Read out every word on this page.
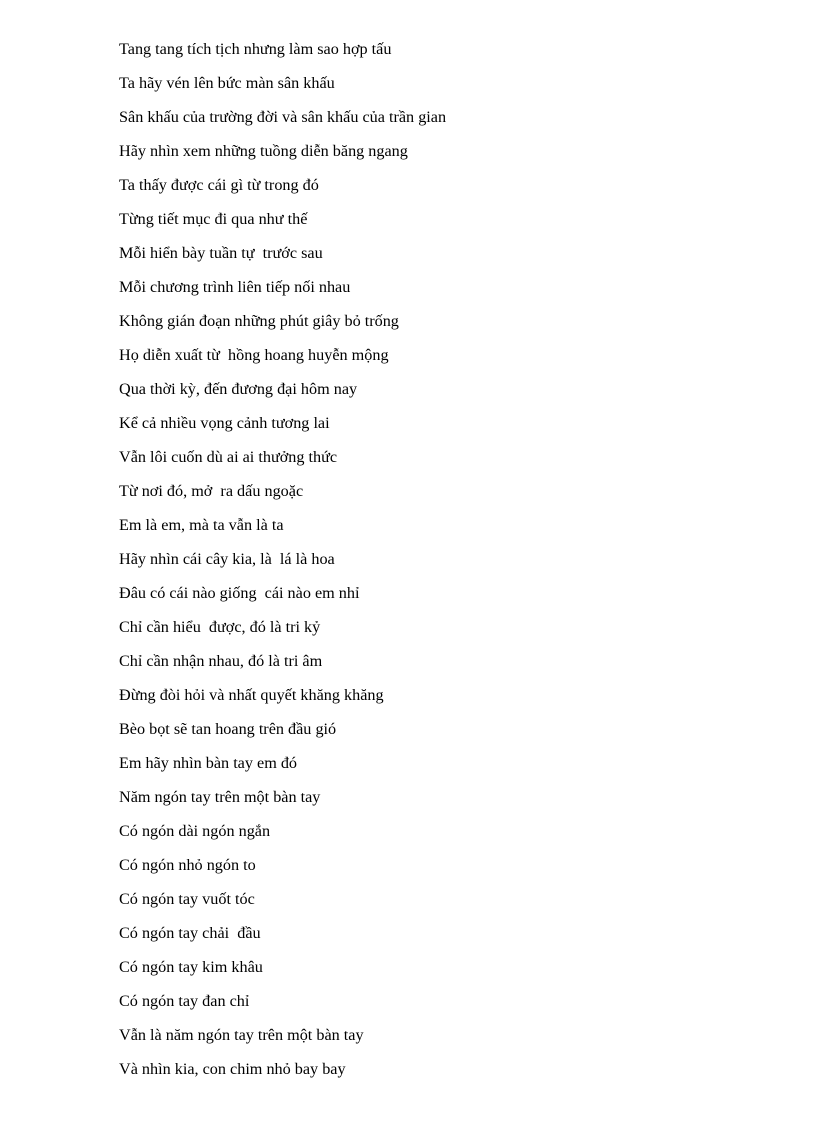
Tang tang tích tịch nhưng làm sao hợp tấu
Ta hãy vén lên bức màn sân khấu
Sân khấu của trường đời và sân khấu của trần gian
Hãy nhìn xem những tuồng diễn băng ngang
Ta thấy được cái gì từ trong đó
Từng tiết mục đi qua như thế
Mỗi hiển bày tuần tự  trước sau
Mỗi chương trình liên tiếp nối nhau
Không gián đoạn những phút giây bỏ trống
Họ diễn xuất từ  hồng hoang huyễn mộng
Qua thời kỳ, đến đương đại hôm nay
Kể cả nhiều vọng cảnh tương lai
Vẫn lôi cuốn dù ai ai thưởng thức
Từ nơi đó, mở  ra dấu ngoặc
Em là em, mà ta vẫn là ta
Hãy nhìn cái cây kia, là  lá là hoa
Đâu có cái nào giống  cái nào em nhỉ
Chỉ cần hiểu  được, đó là tri kỷ
Chỉ cần nhận nhau, đó là tri âm
Đừng đòi hỏi và nhất quyết khăng khăng
Bèo bọt sẽ tan hoang trên đầu gió
Em hãy nhìn bàn tay em đó
Năm ngón tay trên một bàn tay
Có ngón dài ngón ngắn
Có ngón nhỏ ngón to
Có ngón tay vuốt tóc
Có ngón tay chải  đầu
Có ngón tay kim khâu
Có ngón tay đan chỉ
Vẫn là năm ngón tay trên một bàn tay
Và nhìn kia, con chim nhỏ bay bay
